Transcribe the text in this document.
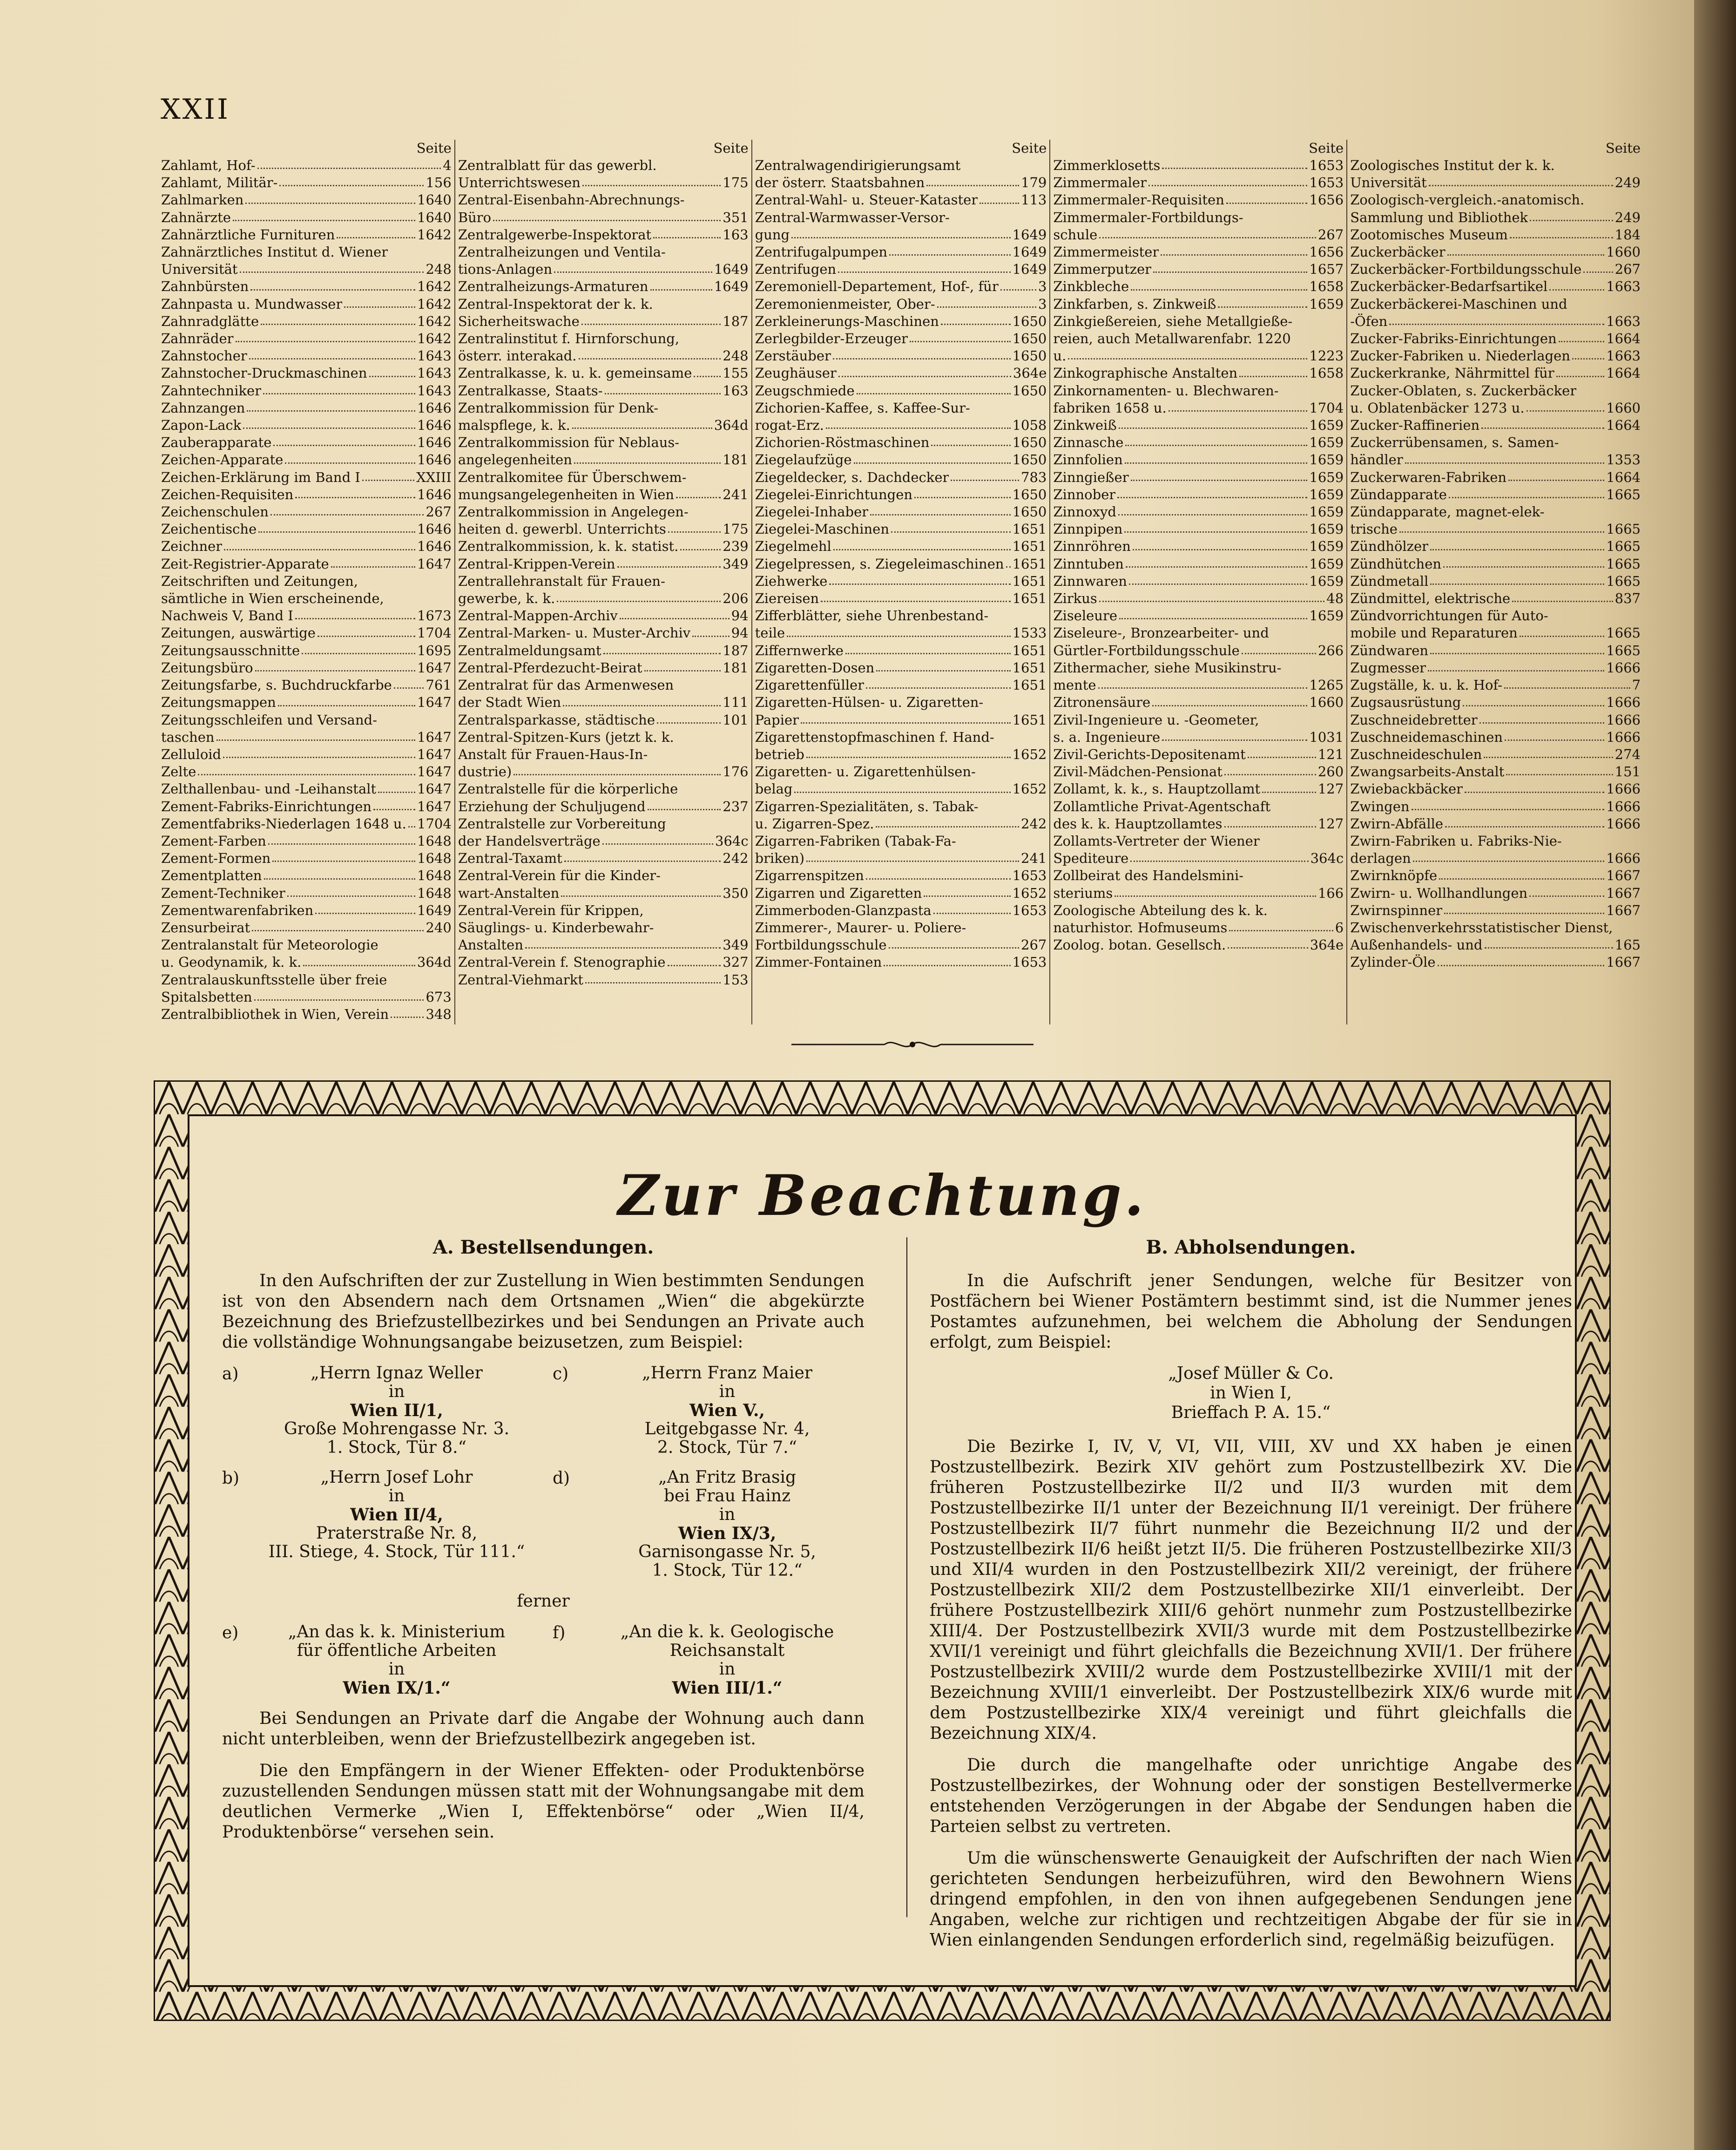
XXII
Seite
Zahlamt, Hof-	4
Zahlamt, Militär-	156
Zahlmarken	1640
Zahnärzte	1640
Zahnärztliche Furnituren	1642
Zahnärztliches Institut d. Wiener
Universität	248
Zahnbürsten	1642
Zahnpasta u. Mundwasser	1642
Zahnradglätte	1642
Zahnräder	1642
Zahnstocher	1643
Zahnstocher-Druckmaschinen	1643
Zahntechniker	1643
Zahnzangen	1646
Zapon-Lack	1646
Zauberapparate	1646
Zeichen-Apparate	1646
Zeichen-Erklärung im Band I	XXIII
Zeichen-Requisiten	1646
Zeichenschulen	267
Zeichentische	1646
Zeichner	1646
Zeit-Registrier-Apparate	1647
Zeitschriften und Zeitungen,
sämtliche in Wien erscheinende,
Nachweis V, Band I	1673
Zeitungen, auswärtige	1704
Zeitungsausschnitte	1695
Zeitungsbüro	1647
Zeitungsfarbe, s. Buchdruckfarbe	761
Zeitungsmappen	1647
Zeitungsschleifen und Versand-
taschen	1647
Zelluloid	1647
Zelte	1647
Zelthallenbau- und -Leihanstalt	1647
Zement-Fabriks-Einrichtungen	1647
Zementfabriks-Niederlagen 1648 u. 1704
Zement-Farben	1648
Zement-Formen	1648
Zementplatten	1648
Zement-Techniker	1648
Zementwarenfabriken	1649
Zensurbeirat	240
Zentralanstalt für Meteorologie
u. Geodynamik, k. k.	364d
Zentralauskunftsstelle über freie
Spitalsbetten	673
Zentralbibliothek in Wien, Verein	348
Seite
Zentralblatt für das gewerbl.
Unterrichtswesen	175
Zentral-Eisenbahn-Abrechnungs-
Büro	351
Zentralgewerbe-Inspektorat	163
Zentralheizungen und Ventila-
tions-Anlagen	1649
Zentralheizungs-Armaturen	1649
Zentral-Inspektorat der k. k.
Sicherheitswache	187
Zentralinstitut f. Hirnforschung,
österr. interakad.	248
Zentralkasse, k. u. k. gemeinsame 155
Zentralkasse, Staats-	163
Zentralkommission für Denk-
malspflege, k. k.	364d
Zentralkommission für Neblaus-
angelegenheiten	181
Zentralkomitee für Überschwem-
mungsangelegenheiten in Wien	241
Zentralkommission in Angelegen-
heiten d. gewerbl. Unterrichts	175
Zentralkommission, k. k. statist.	239
Zentral-Krippen-Verein	349
Zentrallehranstalt für Frauen-
gewerbe, k. k.	206
Zentral-Mappen-Archiv	94
Zentral-Marken- u. Muster-Archiv	94
Zentralmeldungsamt	187
Zentral-Pferdezucht-Beirat	181
Zentralrat für das Armenwesen
der Stadt Wien	111
Zentralsparkasse, städtische	101
Zentral-Spitzen-Kurs (jetzt k. k.
Anstalt für Frauen-Haus-In-
dustrie)	176
Zentralstelle für die körperliche
Erziehung der Schuljugend	237
Zentralstelle zur Vorbereitung
der Handelsverträge	364c
Zentral-Taxamt	242
Zentral-Verein für die Kinder-
wart-Anstalten	350
Zentral-Verein für Krippen,
Säuglings- u. Kinderbewahr-
Anstalten	349
Zentral-Verein f. Stenographie	327
Zentral-Viehmarkt	153
Seite
Zentralwagendirigierungsamt
der österr. Staatsbahnen	179
Zentral-Wahl- u. Steuer-Kataster	113
Zentral-Warmwasser-Versor-
gung	1649
Zentrifugalpumpen	1649
Zentrifugen	1649
Zeremoniell-Departement, Hof-, für	3
Zeremonienmeister, Ober-	3
Zerkleinerungs-Maschinen	1650
Zerlegbilder-Erzeuger	1650
Zerstäuber	1650
Zeughäuser	364e
Zeugschmiede	1650
Zichorien-Kaffee, s. Kaffee-Sur-
rogat-Erz.	1058
Zichorien-Röstmaschinen	1650
Ziegelaufzüge	1650
Ziegeldecker, s. Dachdecker	783
Ziegelei-Einrichtungen	1650
Ziegelei-Inhaber	1650
Ziegelei-Maschinen	1651
Ziegelmehl	1651
Ziegelpressen, s. Ziegeleimaschinen 1651
Ziehwerke	1651
Ziereisen	1651
Zifferblätter, siehe Uhrenbestand-
teile	1533
Ziffernwerke	1651
Zigaretten-Dosen	1651
Zigarettenfüller	1651
Zigaretten-Hülsen- u. Zigaretten-
Papier	1651
Zigarettenstopfmaschinen f. Hand-
betrieb	1652
Zigaretten- u. Zigarettenhülsen-
belag	1652
Zigarren-Spezialitäten, s. Tabak-
u. Zigarren-Spez.	242
Zigarren-Fabriken (Tabak-Fa-
briken)	241
Zigarrenspitzen	1653
Zigarren und Zigaretten	1652
Zimmerboden-Glanzpasta	1653
Zimmerer-, Maurer- u. Poliere-
Fortbildungsschule	267
Zimmer-Fontainen	1653
Seite
Zimmerklosetts	1653
Zimmermaler	1653
Zimmermaler-Requisiten	1656
Zimmermaler-Fortbildungs-
schule	267
Zimmermeister	1656
Zimmerputzer	1657
Zinkbleche	1658
Zinkfarben, s. Zinkweiß	1659
Zinkgießereien, siehe Metallgieße-
reien, auch Metallwarenfabr. 1220
u.	1223
Zinkographische Anstalten	1658
Zinkornamenten- u. Blechwaren-
fabriken 1658 u.	1704
Zinkweiß	1659
Zinnasche	1659
Zinnfolien	1659
Zinngießer	1659
Zinnober	1659
Zinnoxyd	1659
Zinnpipen	1659
Zinnröhren	1659
Zinntuben	1659
Zinnwaren	1659
Zirkus	48
Ziseleure	1659
Ziseleure-, Bronzearbeiter- und
Gürtler-Fortbildungsschule	266
Zithermacher, siehe Musikinstru-
mente	1265
Zitronensäure	1660
Zivil-Ingenieure u. -Geometer,
s. a. Ingenieure	1031
Zivil-Gerichts-Depositenamt	121
Zivil-Mädchen-Pensionat	260
Zollamt, k. k., s. Hauptzollamt	127
Zollamtliche Privat-Agentschaft
des k. k. Hauptzollamtes	127
Zollamts-Vertreter der Wiener
Spediteure	364c
Zollbeirat des Handelsmini-
steriums	166
Zoologische Abteilung des k. k.
naturhistor. Hofmuseums	6
Zoolog. botan. Gesellsch.	364e
Seite
Zoologisches Institut der k. k.
Universität	249
Zoologisch-vergleich.-anatomisch.
Sammlung und Bibliothek	249
Zootomisches Museum	184
Zuckerbäcker	1660
Zuckerbäcker-Fortbildungsschule 267
Zuckerbäcker-Bedarfsartikel	1663
Zuckerbäckerei-Maschinen und
-Öfen	1663
Zucker-Fabriks-Einrichtungen	1664
Zucker-Fabriken u. Niederlagen	1663
Zuckerkranke, Nährmittel für	1664
Zucker-Oblaten, s. Zuckerbäcker
u. Oblatenbäcker 1273 u.	1660
Zucker-Raffinerien	1664
Zuckerrübensamen, s. Samen-
händler	1353
Zuckerwaren-Fabriken	1664
Zündapparate	1665
Zündapparate, magnet-elek-
trische	1665
Zündhölzer	1665
Zündhütchen	1665
Zündmetall	1665
Zündmittel, elektrische	837
Zündvorrichtungen für Auto-
mobile und Reparaturen	1665
Zündwaren	1665
Zugmesser	1666
Zugställe, k. u. k. Hof-	7
Zugsausrüstung	1666
Zuschneidebretter	1666
Zuschneidemaschinen	1666
Zuschneideschulen	274
Zwangsarbeits-Anstalt	151
Zwiebackbäcker	1666
Zwingen	1666
Zwirn-Abfälle	1666
Zwirn-Fabriken u. Fabriks-Nie-
derlagen	1666
Zwirnknöpfe	1667
Zwirn- u. Wollhandlungen	1667
Zwirnspinner	1667
Zwischenverkehrsstatistischer Dienst,
Außenhandels- und	165
Zylinder-Öle	1667
Zur Beachtung.
A. Bestellsendungen.

In den Aufschriften der zur Zustellung in Wien bestimmten Sendungen ist von den Absendern nach dem Ortsnamen „Wien“ die abgekürzte Bezeichnung des Briefzustellbezirkes und bei Sendungen an Private auch die vollständige Wohnungsangabe beizusetzen, zum Beispiel:

a)	„Herrn Ignaz Weller
in
Wien II/1,
Große Mohrengasse Nr. 3.
1. Stock, Tür 8.“
c)	„Herrn Franz Maier
in
Wien V.,
Leitgebgasse Nr. 4,
2. Stock, Tür 7.“
b)	„Herrn Josef Lohr
in
Wien II/4,
Praterstraße Nr. 8,
III. Stiege, 4. Stock, Tür 111.“
d)	„An Fritz Brasig
bei Frau Hainz
in
Wien IX/3,
Garnisongasse Nr. 5,
1. Stock, Tür 12.“
ferner
e)	„An das k. k. Ministerium
für öffentliche Arbeiten
in
Wien IX/1.“
f)	„An die k. k. Geologische
Reichsanstalt
in
Wien III/1.“

Bei Sendungen an Private darf die Angabe der Wohnung auch dann nicht unterbleiben, wenn der Briefzustellbezirk angegeben ist.

Die den Empfängern in der Wiener Effekten- oder Produktenbörse zuzustellenden Sendungen müssen statt mit der Wohnungsangabe mit dem deutlichen Vermerke „Wien I, Effektenbörse“ oder „Wien II/4, Produktenbörse“ versehen sein.

B. Abholsendungen.

In die Aufschrift jener Sendungen, welche für Besitzer von Postfächern bei Wiener Postämtern bestimmt sind, ist die Nummer jenes Postamtes aufzunehmen, bei welchem die Abholung der Sendungen erfolgt, zum Beispiel:

„Josef Müller & Co.
in Wien I,
Brieffach P. A. 15.“

Die Bezirke I, IV, V, VI, VII, VIII, XV und XX haben je einen Postzustellbezirk. Bezirk XIV gehört zum Postzustellbezirk XV. Die früheren Postzustellbezirke II/2 und II/3 wurden mit dem Postzustellbezirke II/1 unter der Bezeichnung II/1 vereinigt. Der frühere Postzustellbezirk II/7 führt nunmehr die Bezeichnung II/2 und der Postzustellbezirk II/6 heißt jetzt II/5. Die früheren Postzustellbezirke XII/3 und XII/4 wurden in den Postzustellbezirk XII/2 vereinigt, der frühere Postzustellbezirk XII/2 dem Postzustellbezirke XII/1 einverleibt. Der frühere Postzustellbezirk XIII/6 gehört nunmehr zum Postzustellbezirke XIII/4. Der Postzustellbezirk XVII/3 wurde mit dem Postzustellbezirke XVII/1 vereinigt und führt gleichfalls die Bezeichnung XVII/1. Der frühere Postzustellbezirk XVIII/2 wurde dem Postzustellbezirke XVIII/1 mit der Bezeichnung XVIII/1 einverleibt. Der Postzustellbezirk XIX/6 wurde mit dem Postzustellbezirke XIX/4 vereinigt und führt gleichfalls die Bezeichnung XIX/4.

Die durch die mangelhafte oder unrichtige Angabe des Postzustellbezirkes, der Wohnung oder der sonstigen Bestellvermerke entstehenden Verzögerungen in der Abgabe der Sendungen haben die Parteien selbst zu vertreten.

Um die wünschenswerte Genauigkeit der Aufschriften der nach Wien gerichteten Sendungen herbeizuführen, wird den Bewohnern Wiens dringend empfohlen, in den von ihnen aufgegebenen Sendungen jene Angaben, welche zur richtigen und rechtzeitigen Abgabe der für sie in Wien einlangenden Sendungen erforderlich sind, regelmäßig beizufügen.
